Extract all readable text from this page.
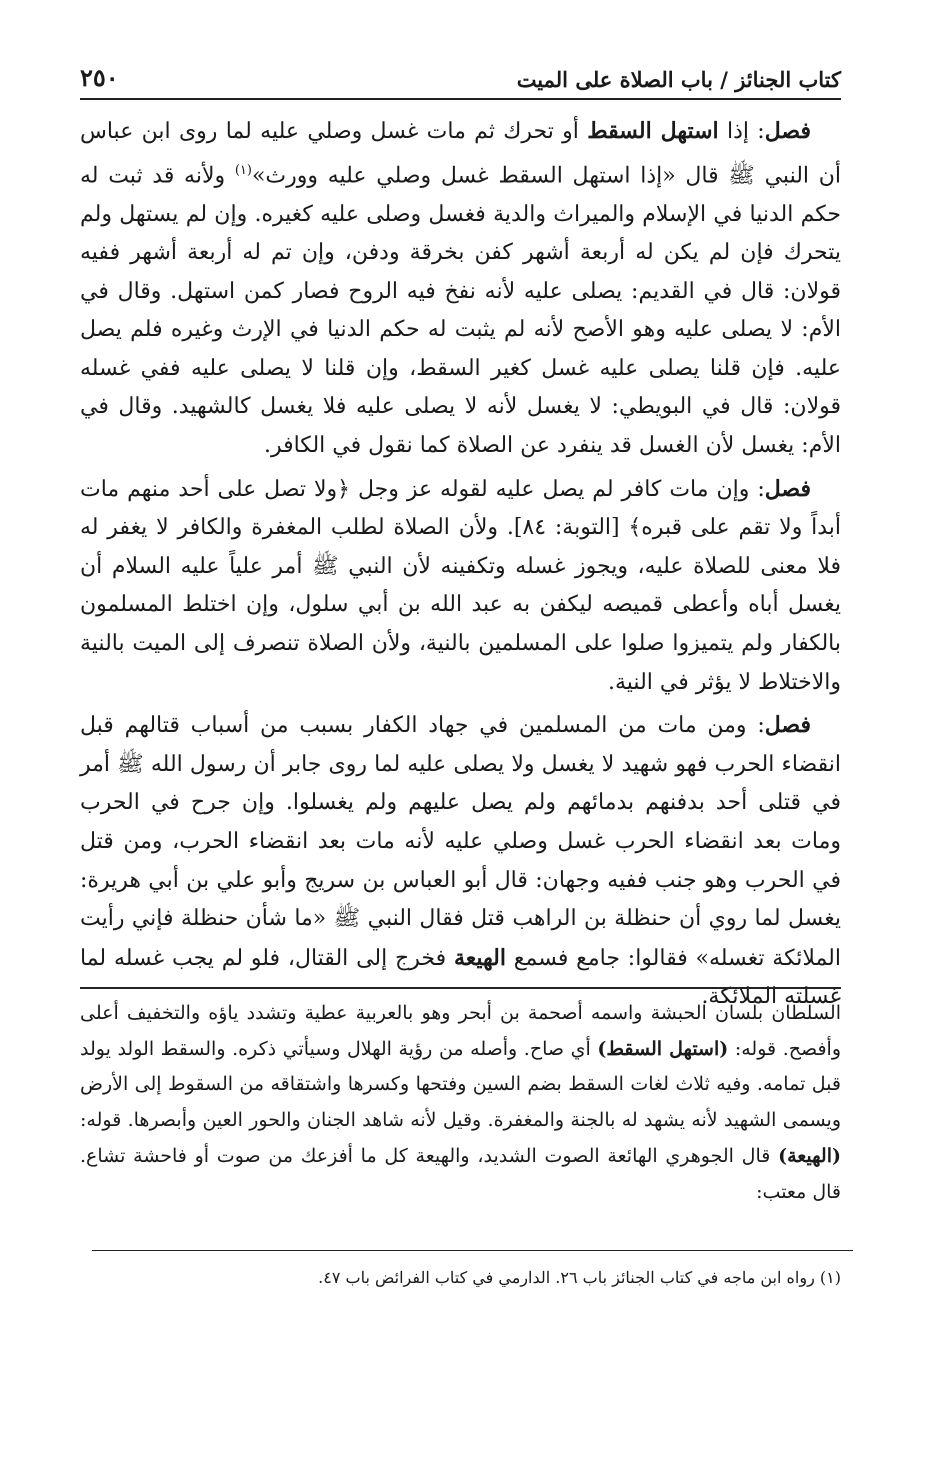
٢٥٠	كتاب الجنائز / باب الصلاة على الميت

فصل: إذا استهل السقط أو تحرك ثم مات غسل وصلي عليه لما روى ابن عباس أن النبي ﷺ قال «إذا استهل السقط غسل وصلي عليه وورث»$^{(١)}$ ولأنه قد ثبت له حكم الدنيا في الإسلام والميراث والدية فغسل وصلى عليه كغيره. وإن لم يستهل ولم يتحرك فإن لم يكن له أربعة أشهر كفن بخرقة ودفن، وإن تم له أربعة أشهر ففيه قولان: قال في القديم: يصلى عليه لأنه نفخ فيه الروح فصار كمن استهل. وقال في الأم: لا يصلى عليه وهو الأصح لأنه لم يثبت له حكم الدنيا في الإرث وغيره فلم يصل عليه. فإن قلنا يصلى عليه غسل كغير السقط، وإن قلنا لا يصلى عليه ففي غسله قولان: قال في البويطي: لا يغسل لأنه لا يصلى عليه فلا يغسل كالشهيد. وقال في الأم: يغسل لأن الغسل قد ينفرد عن الصلاة كما نقول في الكافر.

فصل: وإن مات كافر لم يصل عليه لقوله عز وجل ﴿ولا تصل على أحد منهم مات أبداً ولا تقم على قبره﴾ [التوبة: ٨٤]. ولأن الصلاة لطلب المغفرة والكافر لا يغفر له فلا معنى للصلاة عليه، ويجوز غسله وتكفينه لأن النبي ﷺ أمر علياً عليه السلام أن يغسل أباه وأعطى قميصه ليكفن به عبد الله بن أبي سلول، وإن اختلط المسلمون بالكفار ولم يتميزوا صلوا على المسلمين بالنية، ولأن الصلاة تنصرف إلى الميت بالنية والاختلاط لا يؤثر في النية.

فصل: ومن مات من المسلمين في جهاد الكفار بسبب من أسباب قتالهم قبل انقضاء الحرب فهو شهيد لا يغسل ولا يصلى عليه لما روى جابر أن رسول الله ﷺ أمر في قتلى أحد بدفنهم بدمائهم ولم يصل عليهم ولم يغسلوا. وإن جرح في الحرب ومات بعد انقضاء الحرب غسل وصلي عليه لأنه مات بعد انقضاء الحرب، ومن قتل في الحرب وهو جنب ففيه وجهان: قال أبو العباس بن سريج وأبو علي بن أبي هريرة: يغسل لما روي أن حنظلة بن الراهب قتل فقال النبي ﷺ «ما شأن حنظلة فإني رأيت الملائكة تغسله» فقالوا: جامع فسمع الهيعة فخرج إلى القتال، فلو لم يجب غسله لما غسلته الملائكة.

السلطان بلسان الحبشة واسمه أصحمة بن أبحر وهو بالعربية عطية وتشدد ياؤه والتخفيف أعلى وأفصح. قوله: (استهل السقط) أي صاح. وأصله من رؤية الهلال وسيأتي ذكره. والسقط الولد يولد قبل تمامه. وفيه ثلاث لغات السقط بضم السين وفتحها وكسرها واشتقاقه من السقوط إلى الأرض ويسمى الشهيد لأنه يشهد له بالجنة والمغفرة. وقيل لأنه شاهد الجنان والحور العين وأبصرها. قوله: (الهيعة) قال الجوهري الهائعة الصوت الشديد، والهيعة كل ما أفزعك من صوت أو فاحشة تشاع. قال معتب:

(١) رواه ابن ماجه في كتاب الجنائز باب ٢٦. الدارمي في كتاب الفرائض باب ٤٧.
